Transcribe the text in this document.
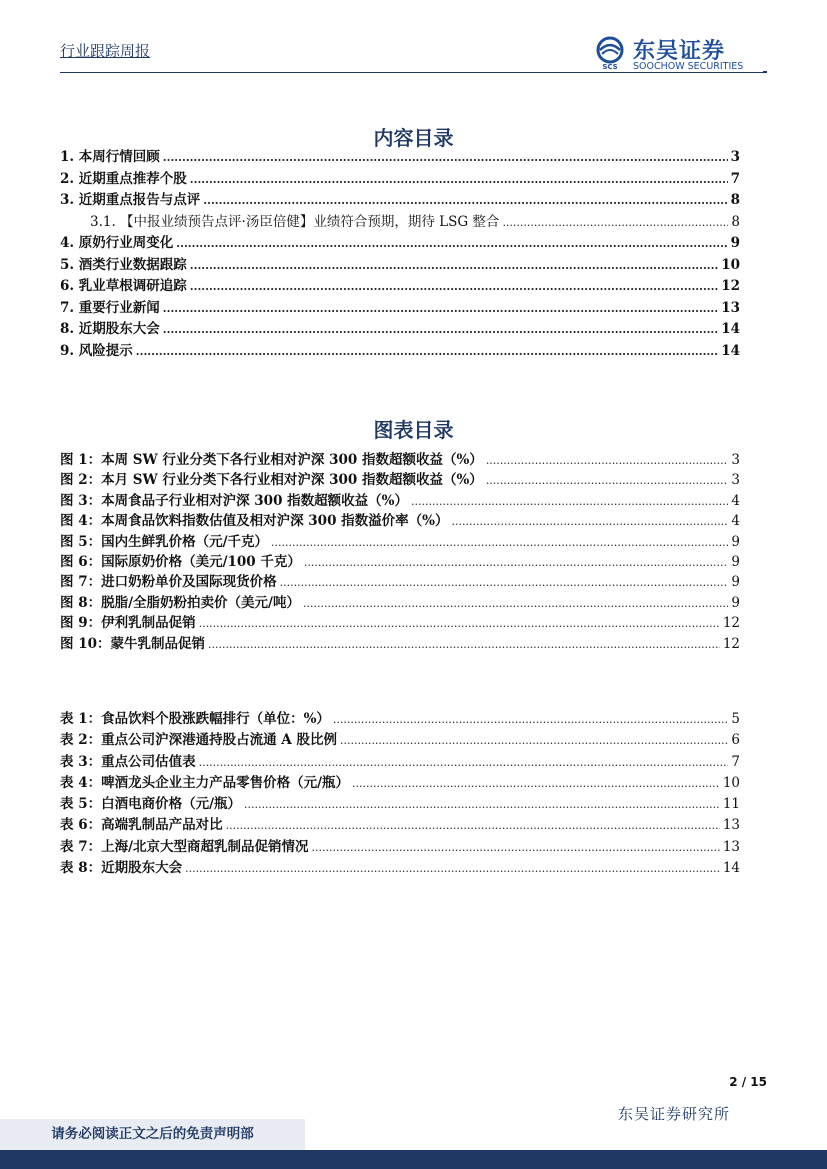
行业跟踪周报
SCS
东吴证券
SOOCHOW SECURITIES
内容目录
1. 本周行情回顾 .....	3
2. 近期重点推荐个股 .....	7
3. 近期重点报告与点评 .....	8
3.1. 【中报业绩预告点评·汤臣倍健】业绩符合预期，期待 LSG 整合 .....	8
4. 原奶行业周变化 .....	9
5. 酒类行业数据跟踪 .....	10
6. 乳业草根调研追踪 .....	12
7. 重要行业新闻 .....	13
8. 近期股东大会 .....	14
9. 风险提示 .....	14
图表目录
图 1：本周 SW 行业分类下各行业相对沪深 300 指数超额收益（%） .....	3
图 2：本月 SW 行业分类下各行业相对沪深 300 指数超额收益（%） .....	3
图 3：本周食品子行业相对沪深 300 指数超额收益（%） .....	4
图 4：本周食品饮料指数估值及相对沪深 300 指数溢价率（%） .....	4
图 5：国内生鲜乳价格（元/千克） .....	9
图 6：国际原奶价格（美元/100 千克） .....	9
图 7：进口奶粉单价及国际现货价格 .....	9
图 8：脱脂/全脂奶粉拍卖价（美元/吨） .....	9
图 9：伊利乳制品促销 .....	12
图 10：蒙牛乳制品促销 .....	12
表 1：食品饮料个股涨跌幅排行（单位：%） .....	5
表 2：重点公司沪深港通持股占流通 A 股比例 .....	6
表 3：重点公司估值表 .....	7
表 4：啤酒龙头企业主力产品零售价格（元/瓶） .....	10
表 5：白酒电商价格（元/瓶） .....	11
表 6：高端乳制品产品对比 .....	13
表 7：上海/北京大型商超乳制品促销情况 .....	13
表 8：近期股东大会 .....	14
2 / 15
东吴证券研究所
请务必阅读正文之后的免责声明部
